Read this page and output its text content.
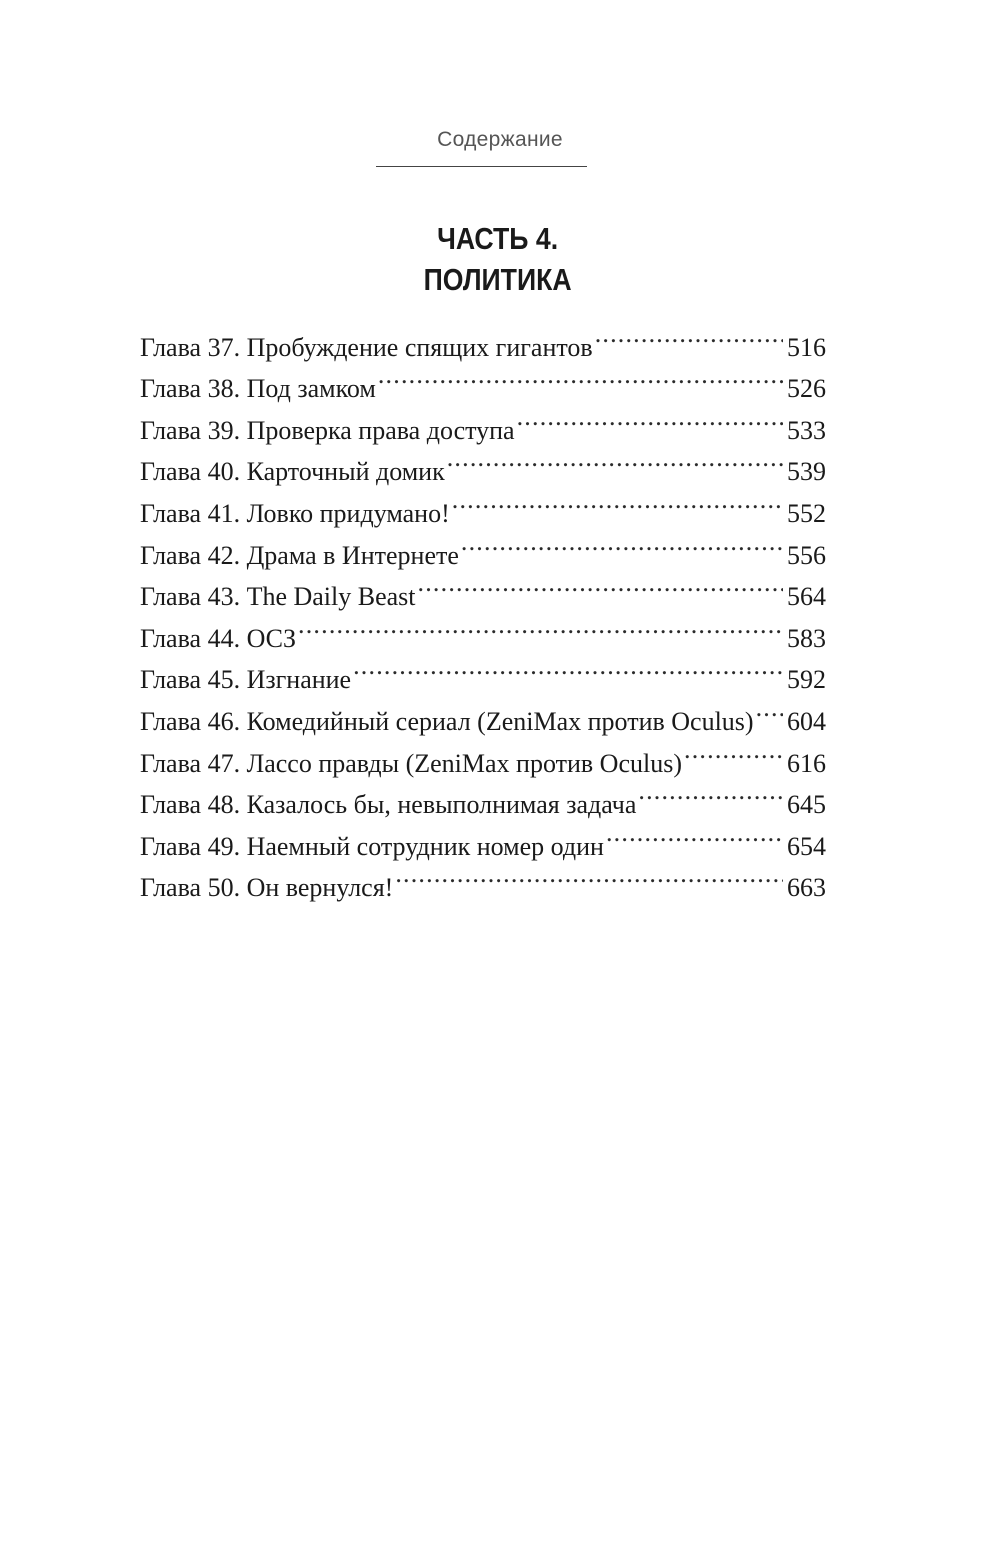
Содержание
ЧАСТЬ 4.
ПОЛИТИКА
Глава 37. Пробуждение спящих гигантов .....	516
Глава 38. Под замком .....	526
Глава 39. Проверка права доступа .....	533
Глава 40. Карточный домик .....	539
Глава 41. Ловко придумано! .....	552
Глава 42. Драма в Интернете .....	556
Глава 43. The Daily Beast .....	564
Глава 44. ОСЗ .....	583
Глава 45. Изгнание .....	592
Глава 46. Комедийный сериал (ZeniMax против Oculus) ..... 604
Глава 47. Лассо правды (ZeniMax против Oculus) .....	616
Глава 48. Казалось бы, невыполнимая задача .....	645
Глава 49. Наемный сотрудник номер один .....	654
Глава 50. Он вернулся! .....	663
